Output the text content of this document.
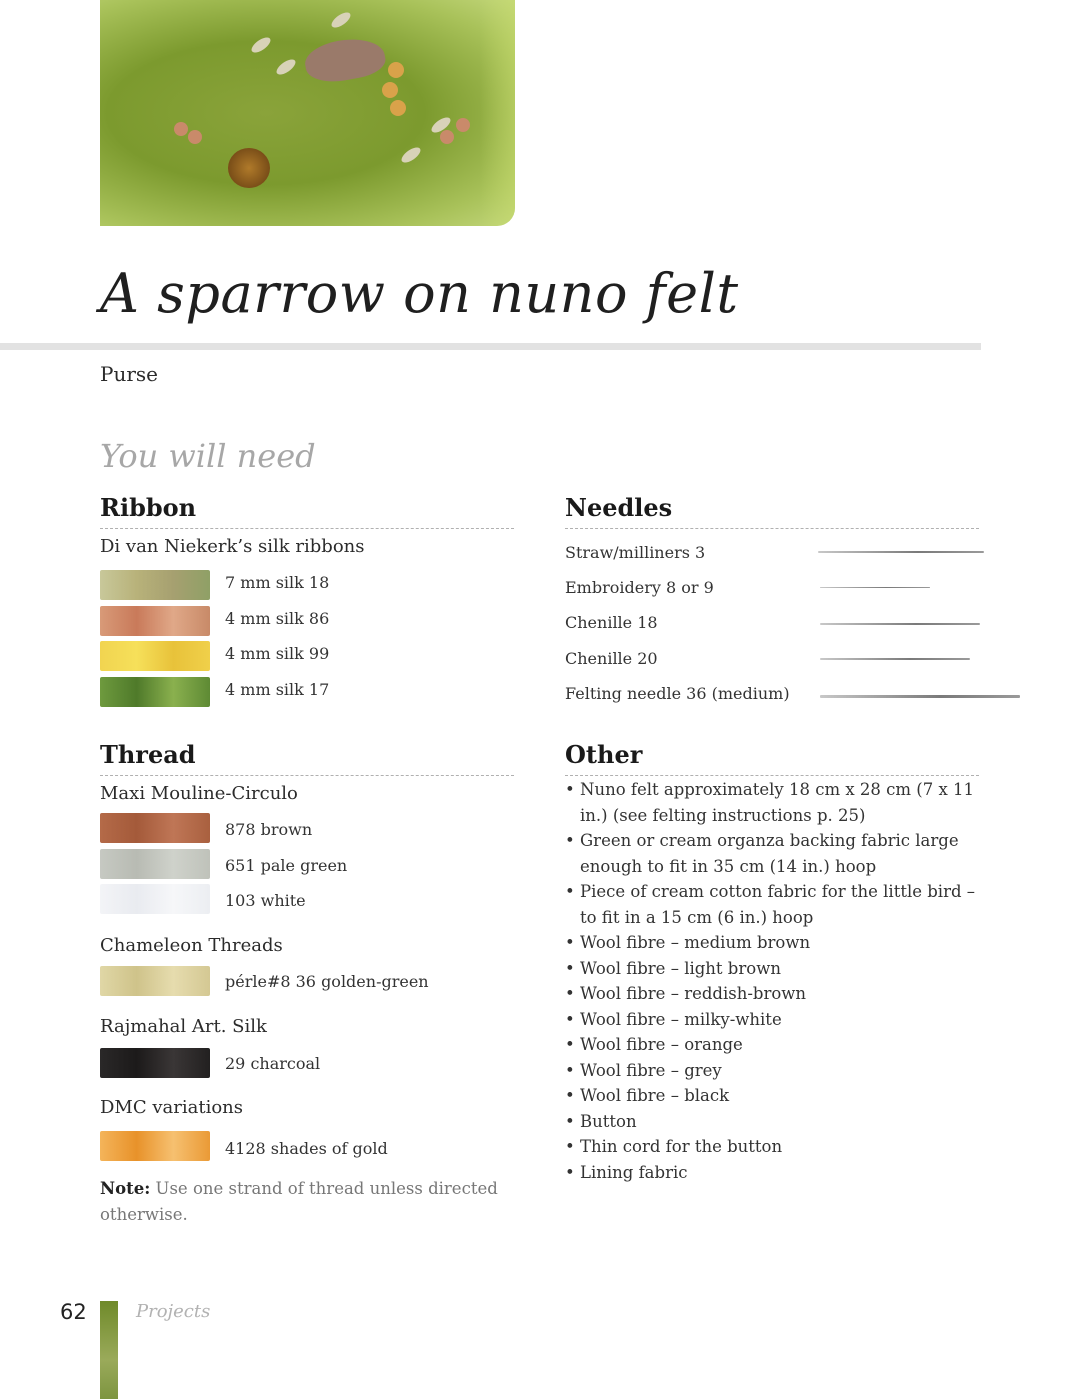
A sparrow on nuno felt
Purse
You will need
Ribbon
Di van Niekerk’s silk ribbons
7 mm silk 18
4 mm silk 86
4 mm silk 99
4 mm silk 17
Thread
Maxi Mouline-Circulo
878 brown
651 pale green
103 white
Chameleon Threads
pérle#8 36 golden-green
Rajmahal Art. Silk
29 charcoal
DMC variations
4128 shades of gold
Note: Use one strand of thread unless directed otherwise.
Needles
Straw/milliners 3
Embroidery 8 or 9
Chenille 18
Chenille 20
Felting needle 36 (medium)
Other
• Nuno felt approximately 18 cm x 28 cm (7 x 11 in.) (see felting instructions p. 25)
• Green or cream organza backing fabric large enough to fit in 35 cm (14 in.) hoop
• Piece of cream cotton fabric for the little bird – to fit in a 15 cm (6 in.) hoop
• Wool fibre – medium brown
• Wool fibre – light brown
• Wool fibre – reddish-brown
• Wool fibre – milky-white
• Wool fibre – orange
• Wool fibre – grey
• Wool fibre – black
• Button
• Thin cord for the button
• Lining fabric
62	Projects
